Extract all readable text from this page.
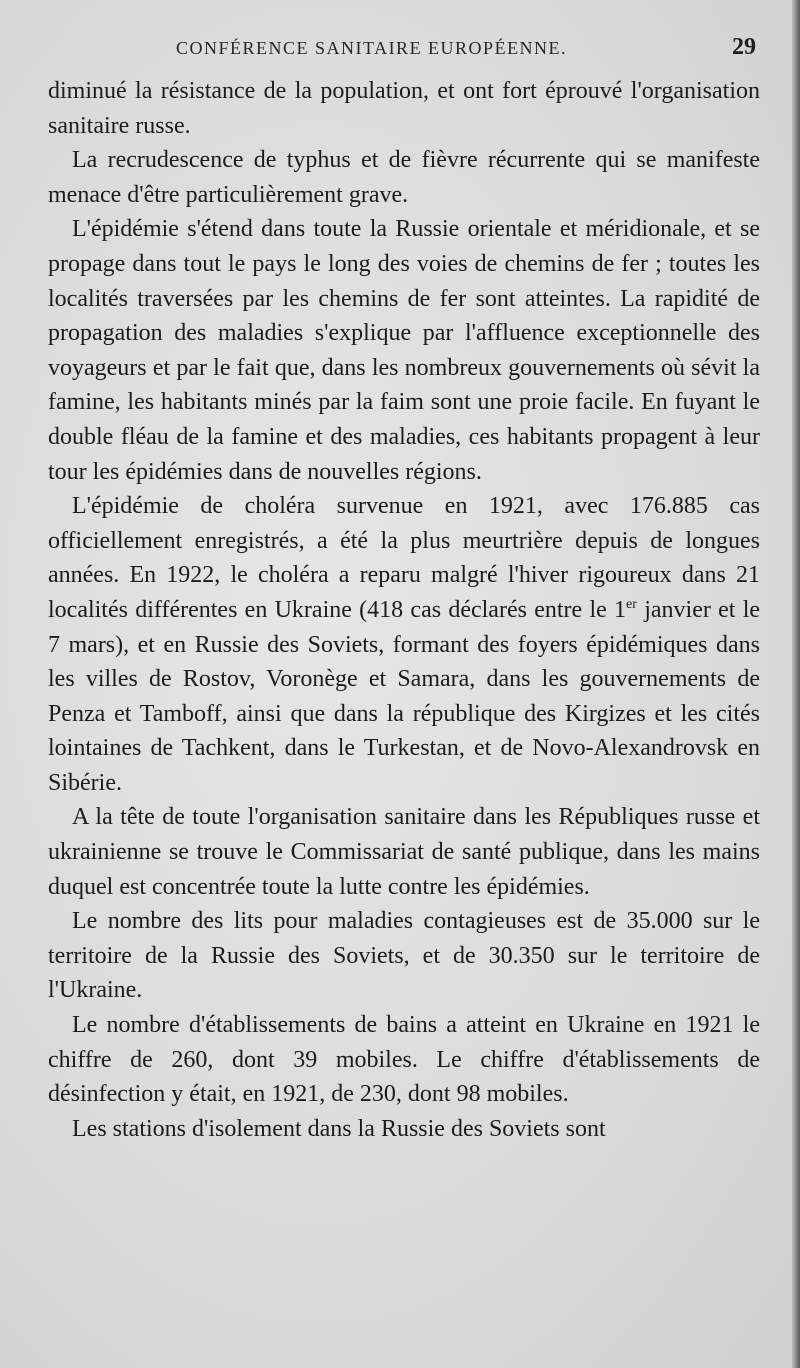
CONFÉRENCE SANITAIRE EUROPÉENNE.	29

diminué la résistance de la population, et ont fort éprouvé l'organisation sanitaire russe.

La recrudescence de typhus et de fièvre récurrente qui se manifeste menace d'être particulièrement grave.

L'épidémie s'étend dans toute la Russie orientale et méridionale, et se propage dans tout le pays le long des voies de chemins de fer ; toutes les localités traversées par les chemins de fer sont atteintes. La rapidité de propagation des maladies s'explique par l'affluence exceptionnelle des voyageurs et par le fait que, dans les nombreux gouvernements où sévit la famine, les habitants minés par la faim sont une proie facile. En fuyant le double fléau de la famine et des maladies, ces habitants propagent à leur tour les épidémies dans de nouvelles régions.

L'épidémie de choléra survenue en 1921, avec 176.885 cas officiellement enregistrés, a été la plus meurtrière depuis de longues années. En 1922, le choléra a reparu malgré l'hiver rigoureux dans 21 localités différentes en Ukraine (418 cas déclarés entre le 1er janvier et le 7 mars), et en Russie des Soviets, formant des foyers épidémiques dans les villes de Rostov, Voronège et Samara, dans les gouvernements de Penza et Tamboff, ainsi que dans la république des Kirgizes et les cités lointaines de Tachkent, dans le Turkestan, et de Novo-Alexandrovsk en Sibérie.

A la tête de toute l'organisation sanitaire dans les Républiques russe et ukrainienne se trouve le Commissariat de santé publique, dans les mains duquel est concentrée toute la lutte contre les épidémies.

Le nombre des lits pour maladies contagieuses est de 35.000 sur le territoire de la Russie des Soviets, et de 30.350 sur le territoire de l'Ukraine.

Le nombre d'établissements de bains a atteint en Ukraine en 1921 le chiffre de 260, dont 39 mobiles. Le chiffre d'établissements de désinfection y était, en 1921, de 230, dont 98 mobiles.

Les stations d'isolement dans la Russie des Soviets sont
